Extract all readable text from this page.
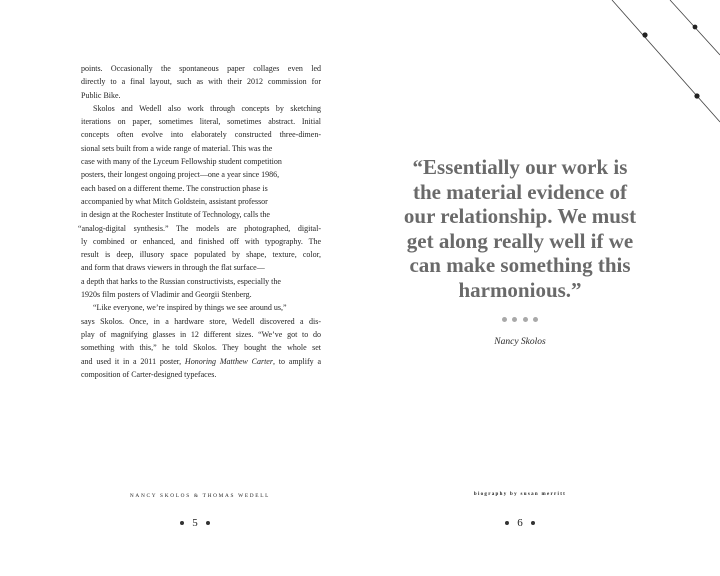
points. Occasionally the spontaneous paper collages even led
directly to a final layout, such as with their 2012 commission for
Public Bike.

Skolos and Wedell also work through concepts by sketching
iterations on paper, sometimes literal, sometimes abstract. Initial
concepts often evolve into elaborately constructed three-dimen-
sional sets built from a wide range of material. This was the
case with many of the Lyceum Fellowship student competition
posters, their longest ongoing project—one a year since 1986,
each based on a different theme. The construction phase is
accompanied by what Mitch Goldstein, assistant professor
in design at the Rochester Institute of Technology, calls the
“analog-digital synthesis.” The models are photographed, digital-
ly combined or enhanced, and finished off with typography. The
result is deep, illusory space populated by shape, texture, color,
and form that draws viewers in through the flat surface—
a depth that harks to the Russian constructivists, especially the
1920s film posters of Vladimir and Georgii Stenberg.

“Like everyone, we’re inspired by things we see around us,”
says Skolos. Once, in a hardware store, Wedell discovered a dis-
play of magnifying glasses in 12 different sizes. “We’ve got to do
something with this,” he told Skolos. They bought the whole set
and used it in a 2011 poster, Honoring Matthew Carter, to amplify a
composition of Carter-designed typefaces.

“Essentially our work is
the material evidence of
our relationship. We must
get along really well if we
can make something this
harmonious.”
Nancy Skolos
NANCY SKOLOS & THOMAS WEDELL	biography by susan merritt
5	6
